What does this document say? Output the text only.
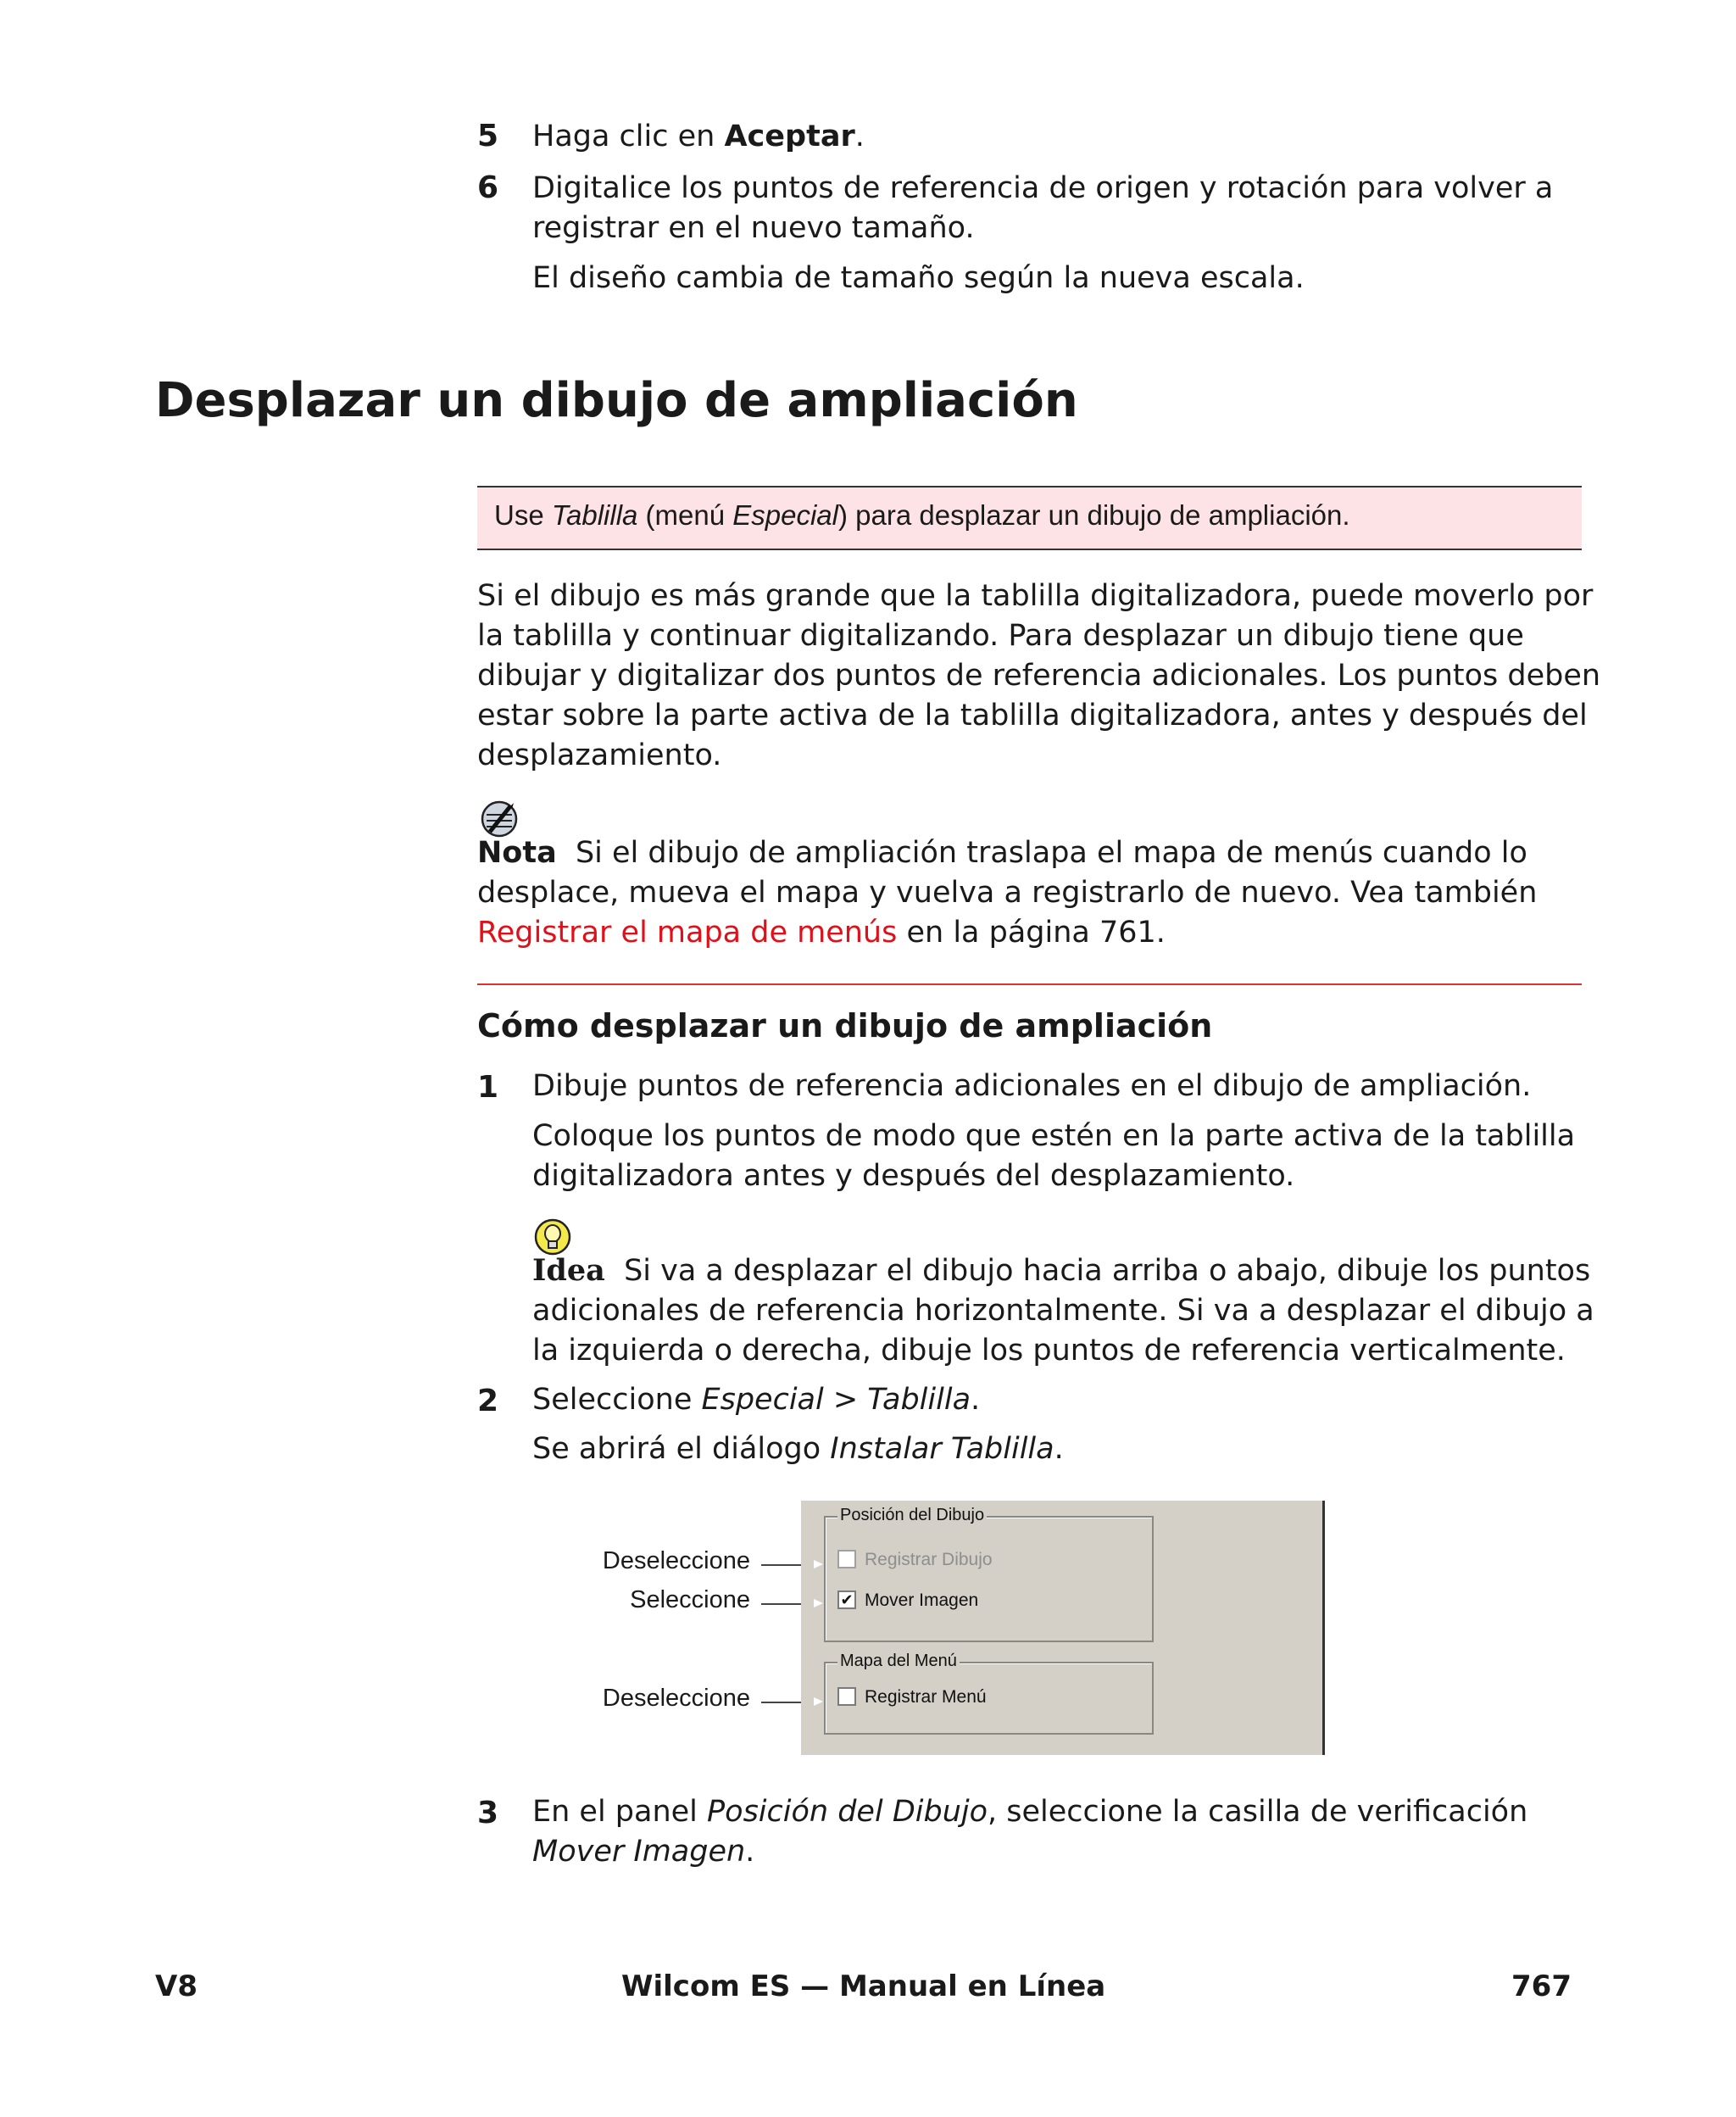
5 Haga clic en Aceptar.
6 Digitalice los puntos de referencia de origen y rotación para volver a
registrar en el nuevo tamaño.
El diseño cambia de tamaño según la nueva escala.
Desplazar un dibujo de ampliación
Use Tablilla (menú Especial) para desplazar un dibujo de ampliación.
Si el dibujo es más grande que la tablilla digitalizadora, puede moverlo por
la tablilla y continuar digitalizando. Para desplazar un dibujo tiene que
dibujar y digitalizar dos puntos de referencia adicionales. Los puntos deben
estar sobre la parte activa de la tablilla digitalizadora, antes y después del
desplazamiento.
Nota Si el dibujo de ampliación traslapa el mapa de menús cuando lo
desplace, mueva el mapa y vuelva a registrarlo de nuevo. Vea también
Registrar el mapa de menús en la página 761.
Cómo desplazar un dibujo de ampliación
1 Dibuje puntos de referencia adicionales en el dibujo de ampliación.
Coloque los puntos de modo que estén en la parte activa de la tablilla
digitalizadora antes y después del desplazamiento.
Idea Si va a desplazar el dibujo hacia arriba o abajo, dibuje los puntos
adicionales de referencia horizontalmente. Si va a desplazar el dibujo a
la izquierda o derecha, dibuje los puntos de referencia verticalmente.
2 Seleccione Especial > Tablilla.
Se abrirá el diálogo Instalar Tablilla.
Deseleccione
Seleccione
Deseleccione
Posición del Dibujo
Registrar Dibujo
✔ Mover Imagen
Mapa del Menú
Registrar Menú
3 En el panel Posición del Dibujo, seleccione la casilla de verificación
Mover Imagen.
V8	Wilcom ES — Manual en Línea	767
